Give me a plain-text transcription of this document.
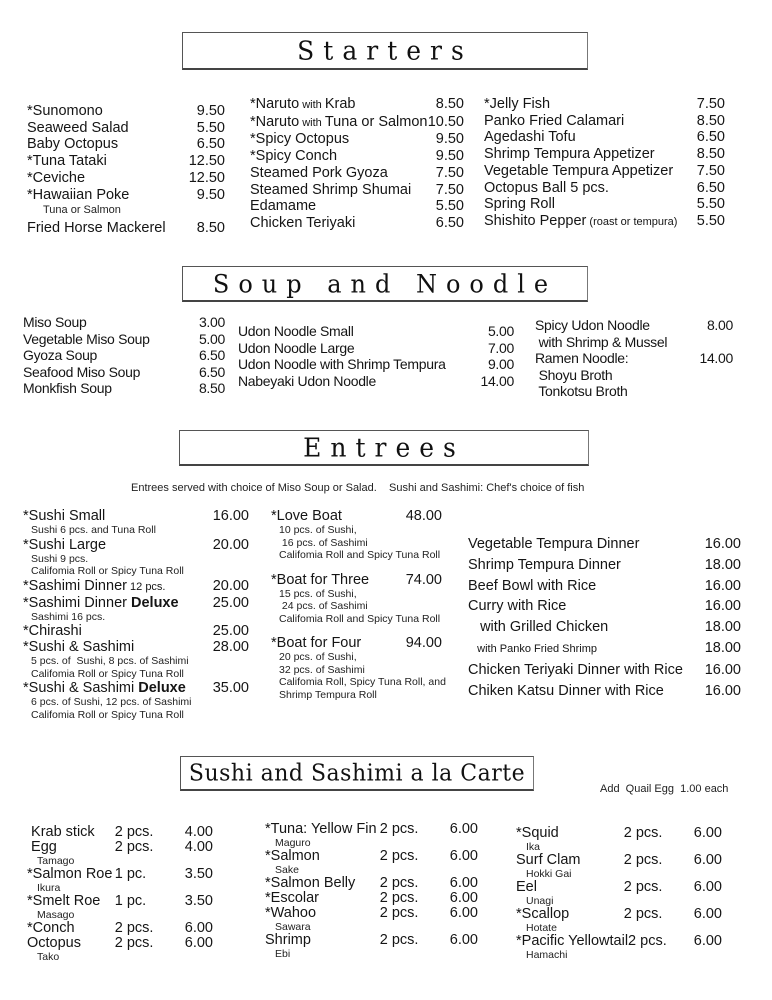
Starters
*Sunomono	9.50
Seaweed Salad	5.50
Baby Octopus	6.50
*Tuna Tataki	12.50
*Ceviche	12.50
*Hawaiian Poke	9.50
Tuna or Salmon
Fried Horse Mackerel 8.50
*Naruto with Krab	8.50
*Naruto with Tuna or Salmon 10.50
*Spicy Octopus	9.50
*Spicy Conch	9.50
Steamed Pork Gyoza	7.50
Steamed Shrimp Shumai 7.50
Edamame	5.50
Chicken Teriyaki	6.50
*Jelly Fish	7.50
Panko Fried Calamari	8.50
Agedashi Tofu	6.50
Shrimp Tempura Appetizer	8.50
Vegetable Tempura Appetizer 7.50
Octopus Ball 5 pcs.	6.50
Spring Roll	5.50
Shishito Pepper (roast or tempura) 5.50
Soup and Noodle
Miso Soup	3.00
Vegetable Miso Soup	5.00
Gyoza Soup	6.50
Seafood Miso Soup	6.50
Monkfish Soup	8.50
Udon Noodle Small	5.00
Udon Noodle Large	7.00
Udon Noodle with Shrimp Tempura	9.00
Nabeyaki Udon Noodle	14.00
Spicy Udon Noodle	8.00
with Shrimp & Mussel
Ramen Noodle:	14.00
Shoyu Broth
Tonkotsu Broth
Entrees
Entrees served with choice of Miso Soup or Salad.    Sushi and Sashimi: Chef's choice of fish
*Sushi Small	16.00
Sushi 6 pcs. and Tuna Roll
*Sushi Large	20.00
Sushi 9 pcs.
Califomia Roll or Spicy Tuna Roll
*Sashimi Dinner 12 pcs.	20.00
*Sashimi Dinner Deluxe 25.00
Sashimi 16 pcs.
*Chirashi	25.00
*Sushi & Sashimi	28.00
5 pcs. of  Sushi, 8 pcs. of Sashimi
Califomia Roll or Spicy Tuna Roll
*Sushi & Sashimi Deluxe 35.00
6 pcs. of Sushi, 12 pcs. of Sashimi
Califomia Roll or Spicy Tuna Roll
*Love Boat	48.00
10 pcs. of Sushi,
16 pcs. of Sashimi
Califomia Roll and Spicy Tuna Roll
*Boat for Three	74.00
15 pcs. of Sushi,
24 pcs. of Sashimi
Califomia Roll and Spicy Tuna Roll
*Boat for Four	94.00
20 pcs. of Sushi,
32 pcs. of Sashimi
Califomia Roll, Spicy Tuna Roll, and
Shrimp Tempura Roll
Vegetable Tempura Dinner	16.00
Shrimp Tempura Dinner	18.00
Beef Bowl with Rice	16.00
Curry with Rice	16.00
with Grilled Chicken	18.00
with Panko Fried Shrimp	18.00
Chicken Teriyaki Dinner with Rice 16.00
Chiken Katsu Dinner with Rice	16.00
Sushi and Sashimi a la Carte
Add  Quail Egg  1.00 each
Krab stick	2 pcs.	4.00
Egg	2 pcs.	4.00
Tamago
*Salmon Roe 1 pc.	3.50
Ikura
*Smelt Roe 1 pc.	3.50
Masago
*Conch	2 pcs.	6.00
Octopus	2 pcs.	6.00
Tako
*Tuna: Yellow Fin 2 pcs.	6.00
Maguro
*Salmon	2 pcs.	6.00
Sake
*Salmon Belly	2 pcs.	6.00
*Escolar	2 pcs.	6.00
*Wahoo	2 pcs.	6.00
Sawara
Shrimp	2 pcs.	6.00
Ebi
*Squid	2 pcs.	6.00
Ika
Surf Clam	2 pcs.	6.00
Hokki Gai
Eel	2 pcs.	6.00
Unagi
*Scallop	2 pcs.	6.00
Hotate
*Pacific Yellowtail 2 pcs.	6.00
Hamachi
